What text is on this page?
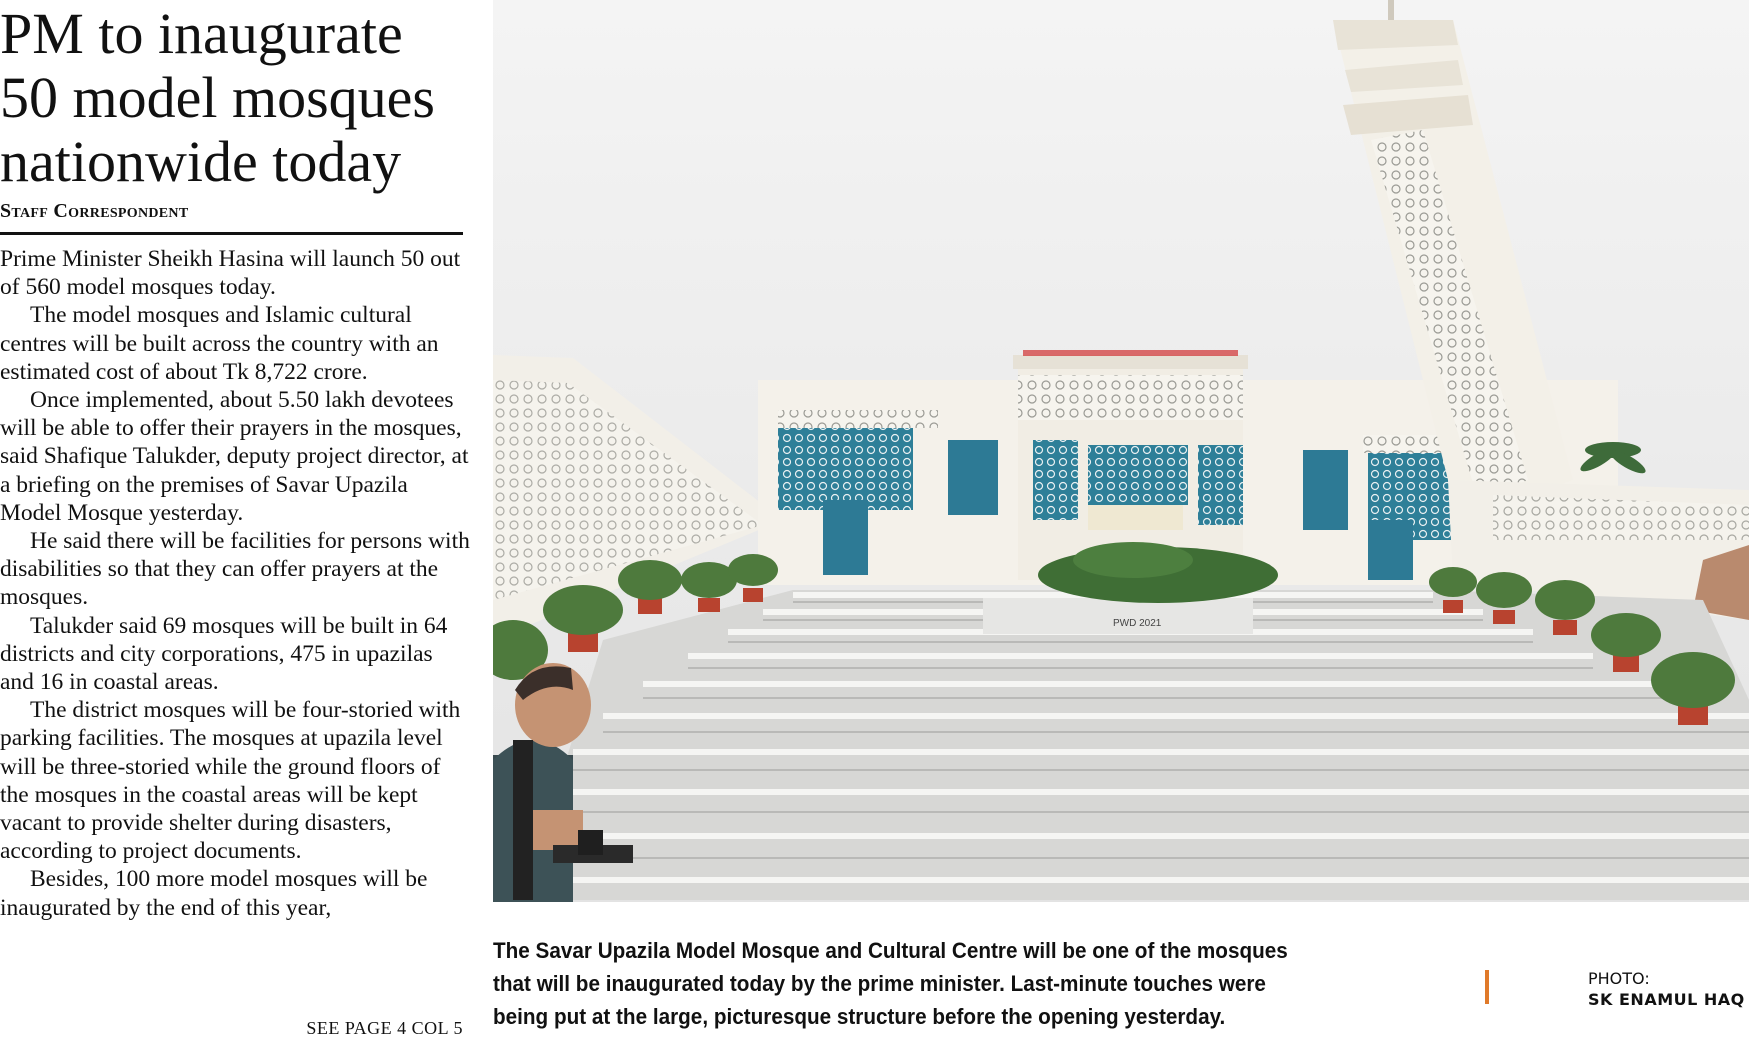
PM to inaugurate
50 model mosques
nationwide today
Staff Correspondent

Prime Minister Sheikh Hasina will launch 50 out of 560 model mosques today.

The model mosques and Islamic cultural centres will be built across the country with an estimated cost of about Tk 8,722 crore.

Once implemented, about 5.50 lakh devotees will be able to offer their prayers in the mosques, said Shafique Talukder, deputy project director, at a briefing on the premises of Savar Upazila Model Mosque yesterday.

He said there will be facilities for persons with disabilities so that they can offer prayers at the mosques.

Talukder said 69 mosques will be built in 64 districts and city corporations, 475 in upazilas and 16 in coastal areas.

The district mosques will be four-storied with parking facilities. The mosques at upazila level will be three-storied while the ground floors of the mosques in the coastal areas will be kept vacant to provide shelter during disasters, according to project documents.

Besides, 100 more model mosques will be inaugurated by the end of this year,

SEE PAGE 4 COL 5
PWD 2021
The Savar Upazila Model Mosque and Cultural Centre will be one of the mosques that will be inaugurated today by the prime minister. Last-minute touches were being put at the large, picturesque structure before the opening yesterday.
PHOTO:
SK ENAMUL HAQ
